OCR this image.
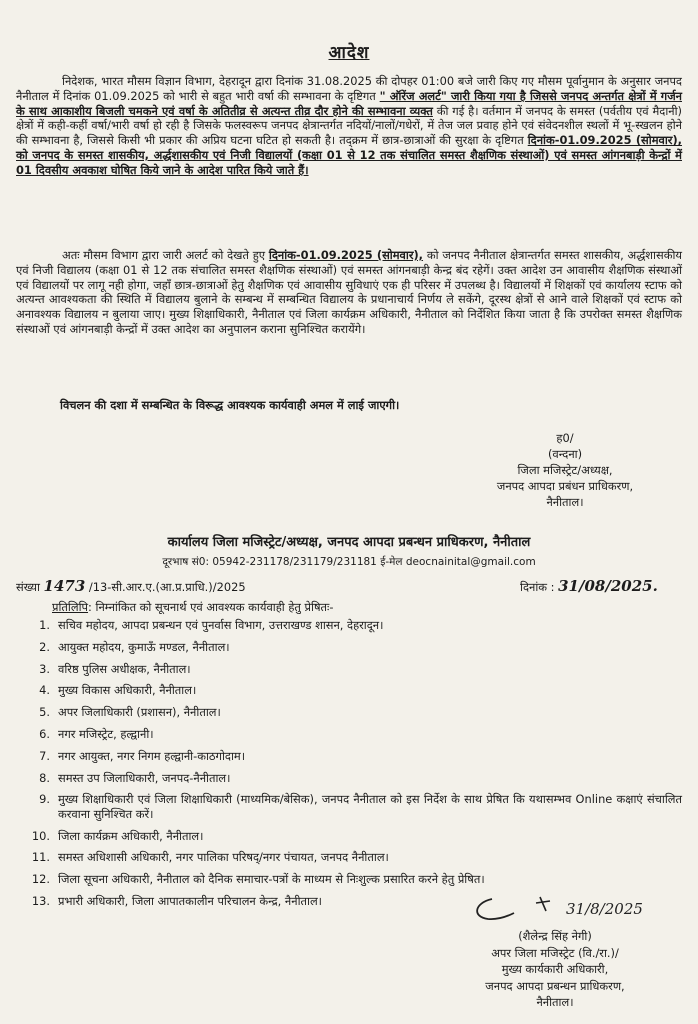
आदेश

निदेशक, भारत मौसम विज्ञान विभाग, देहरादून द्वारा दिनांक 31.08.2025 की दोपहर 01:00 बजे जारी किए गए मौसम पूर्वानुमान के अनुसार जनपद नैनीताल में दिनांक 01.09.2025 को भारी से बहुत भारी वर्षा की सम्भावना के दृष्टिगत " ऑरेंज अलर्ट" जारी किया गया है जिससे जनपद अन्तर्गत क्षेत्रों में गर्जन के साथ आकाशीय बिजली चमकने एवं वर्षा के अतितीव्र से अत्यन्त तीव्र दौर होने की सम्भावना व्यक्त की गई है। वर्तमान में जनपद के समस्त (पर्वतीय एवं मैदानी) क्षेत्रों में कही-कहीं वर्षा/भारी वर्षा हो रही है जिसके फलस्वरूप जनपद क्षेत्रान्तर्गत नदियों/नालों/गधेरों, में तेज जल प्रवाह होने एवं संवेदनशील स्थलों में भू-स्खलन होने की सम्भावना है, जिससे किसी भी प्रकार की अप्रिय घटना घटित हो सकती है। तद्क्रम में छात्र-छात्राओं की सुरक्षा के दृष्टिगत दिनांक-01.09.2025 (सोमवार), को जनपद के समस्त शासकीय, अर्द्धशासकीय एवं निजी विद्यालयों (कक्षा 01 से 12 तक संचालित समस्त शैक्षणिक संस्थाओं) एवं समस्त आंगनबाड़ी केन्द्रों में 01 दिवसीय अवकाश घोषित किये जाने के आदेश पारित किये जाते हैं।

अतः मौसम विभाग द्वारा जारी अलर्ट को देखते हुए दिनांक-01.09.2025 (सोमवार), को जनपद नैनीताल क्षेत्रान्तर्गत समस्त शासकीय, अर्द्धशासकीय एवं निजी विद्यालय (कक्षा 01 से 12 तक संचालित समस्त शैक्षणिक संस्थाओं) एवं समस्त आंगनबाड़ी केन्द्र बंद रहेगें। उक्त आदेश उन आवासीय शैक्षणिक संस्थाओं एवं विद्यालयों पर लागू नही होगा, जहाँ छात्र-छात्राओं हेतु शैक्षणिक एवं आवासीय सुविधाएं एक ही परिसर में उपलब्ध है। विद्यालयों में शिक्षकों एवं कार्यालय स्टाफ को अत्यन्त आवश्यकता की स्थिति में विद्यालय बुलाने के सम्बन्ध में सम्बन्धित विद्यालय के प्रधानाचार्य निर्णय ले सकेंगे, दूरस्थ क्षेत्रों से आने वाले शिक्षकों एवं स्टाफ को अनावश्यक विद्यालय न बुलाया जाए। मुख्य शिक्षाधिकारी, नैनीताल एवं जिला कार्यक्रम अधिकारी, नैनीताल को निर्देशित किया जाता है कि उपरोक्त समस्त शैक्षणिक संस्थाओं एवं आंगनबाड़ी केन्द्रों में उक्त आदेश का अनुपालन कराना सुनिश्चित करायेंगे।

विचलन की दशा में सम्बन्धित के विरूद्ध आवश्यक कार्यवाही अमल में लाई जाएगी।

ह0/
(वन्दना)
जिला मजिस्ट्रेट/अध्यक्ष,
जनपद आपदा प्रबंधन प्राधिकरण,
नैनीताल।
कार्यालय जिला मजिस्ट्रेट/अध्यक्ष, जनपद आपदा प्रबन्धन प्राधिकरण, नैनीताल
दूरभाष सं0: 05942-231178/231179/231181 ई-मेल deocnainital@gmail.com
संख्या 1473 /13-सी.आर.ए.(आ.प्र.प्राधि.)/2025	दिनांक : 31/08/2025.
प्रतिलिपि: निम्नांकित को सूचनार्थ एवं आवश्यक कार्यवाही हेतु प्रेषितः-
1. सचिव महोदय, आपदा प्रबन्धन एवं पुनर्वास विभाग, उत्तराखण्ड शासन, देहरादून।
2. आयुक्त महोदय, कुमाऊँ मण्डल, नैनीताल।
3. वरिष्ठ पुलिस अधीक्षक, नैनीताल।
4. मुख्य विकास अधिकारी, नैनीताल।
5. अपर जिलाधिकारी (प्रशासन), नैनीताल।
6. नगर मजिस्ट्रेट, हल्द्वानी।
7. नगर आयुक्त, नगर निगम हल्द्वानी-काठगोदाम।
8. समस्त उप जिलाधिकारी, जनपद-नैनीताल।
9. मुख्य शिक्षाधिकारी एवं जिला शिक्षाधिकारी (माध्यमिक/बेसिक), जनपद नैनीताल को इस निर्देश के साथ प्रेषित कि यथासम्भव Online कक्षाएं संचालित करवाना सुनिश्चित करें।
10. जिला कार्यक्रम अधिकारी, नैनीताल।
11. समस्त अधिशासी अधिकारी, नगर पालिका परिषद्/नगर पंचायत, जनपद नैनीताल।
12. जिला सूचना अधिकारी, नैनीताल को दैनिक समाचार-पत्रों के माध्यम से निःशुल्क प्रसारित करने हेतु प्रेषित।
13. प्रभारी अधिकारी, जिला आपातकालीन परिचालन केन्द्र, नैनीताल।	31/8/2025
(शैलेन्द्र सिंह नेगी)
अपर जिला मजिस्ट्रेट (वि./रा.)/
मुख्य कार्यकारी अधिकारी,
जनपद आपदा प्रबन्धन प्राधिकरण,
नैनीताल।
